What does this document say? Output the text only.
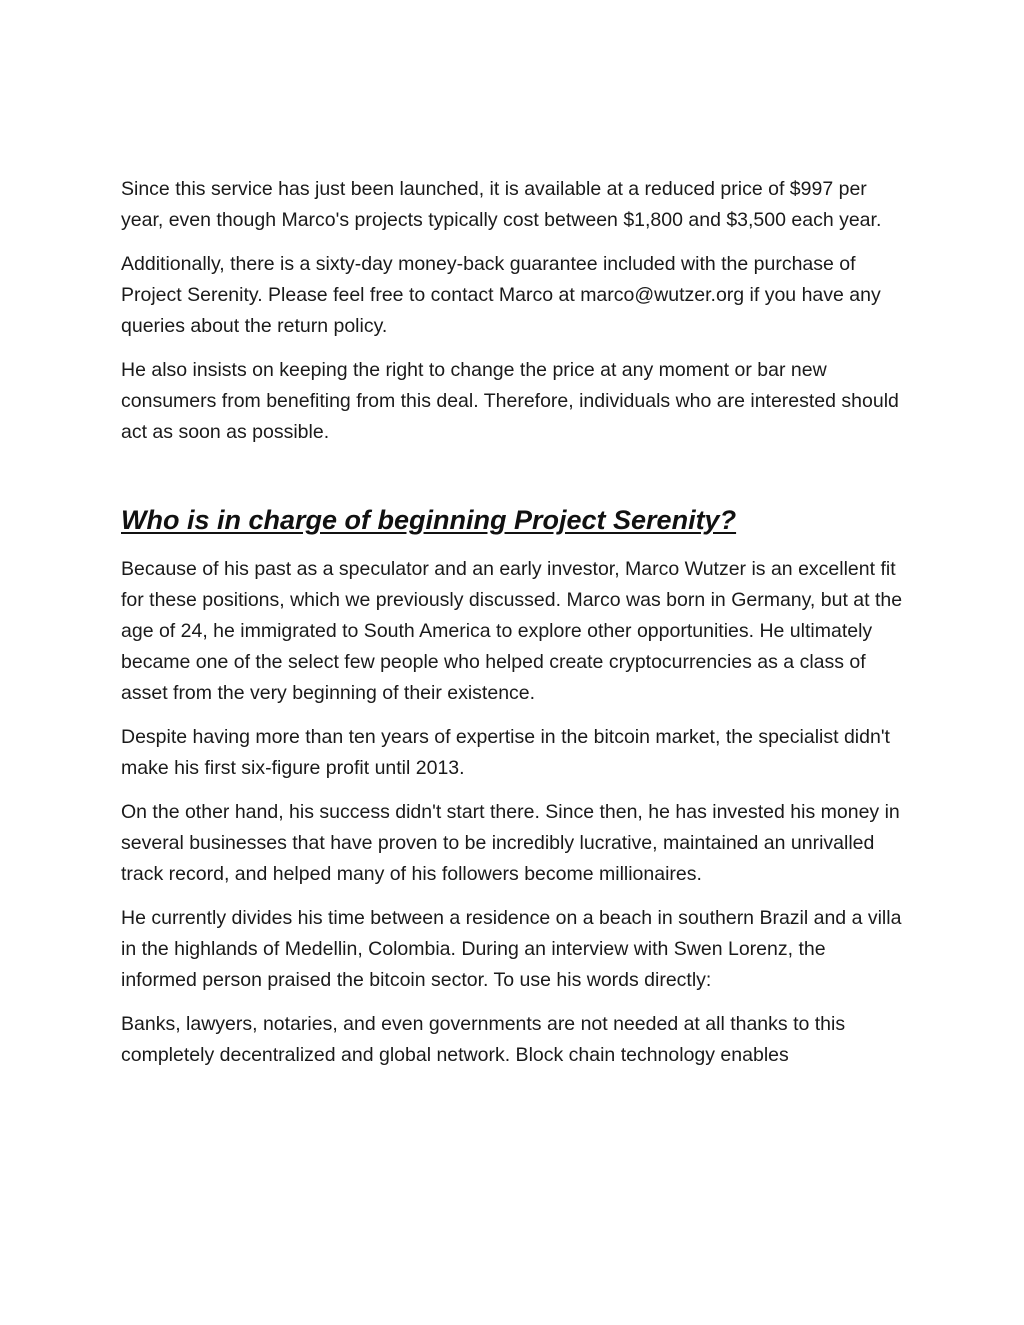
Since this service has just been launched, it is available at a reduced price of $997 per year, even though Marco's projects typically cost between $1,800 and $3,500 each year.

Additionally, there is a sixty-day money-back guarantee included with the purchase of Project Serenity. Please feel free to contact Marco at marco@wutzer.org if you have any queries about the return policy.

He also insists on keeping the right to change the price at any moment or bar new consumers from benefiting from this deal. Therefore, individuals who are interested should act as soon as possible.

Who is in charge of beginning Project Serenity?

Because of his past as a speculator and an early investor, Marco Wutzer is an excellent fit for these positions, which we previously discussed. Marco was born in Germany, but at the age of 24, he immigrated to South America to explore other opportunities. He ultimately became one of the select few people who helped create cryptocurrencies as a class of asset from the very beginning of their existence.

Despite having more than ten years of expertise in the bitcoin market, the specialist didn't make his first six-figure profit until 2013.

On the other hand, his success didn't start there. Since then, he has invested his money in several businesses that have proven to be incredibly lucrative, maintained an unrivalled track record, and helped many of his followers become millionaires.

He currently divides his time between a residence on a beach in southern Brazil and a villa in the highlands of Medellin, Colombia. During an interview with Swen Lorenz, the informed person praised the bitcoin sector. To use his words directly:

Banks, lawyers, notaries, and even governments are not needed at all thanks to this completely decentralized and global network. Block chain technology enables
